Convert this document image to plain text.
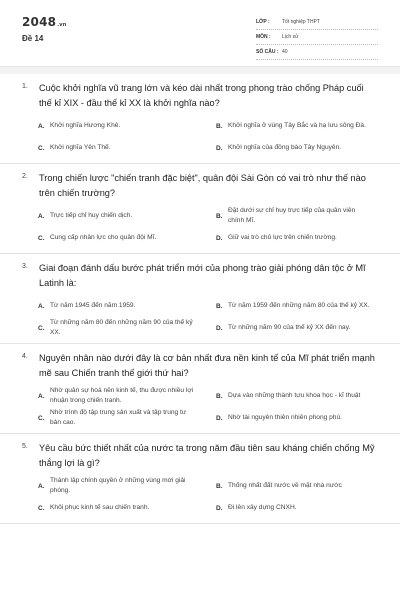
2048.vn
Đề 14
LỚP :	Tốt nghiệp THPT
MÔN :	Lịch sử
SỐ CÂU : 40
1.	Cuộc khởi nghĩa vũ trang lớn và kéo dài nhất trong phong trào chống Pháp cuối thế kỉ XIX - đầu thế kỉ XX là khởi nghĩa nào?
A. Khởi nghĩa Hương Khê.	B. Khởi nghĩa ở vùng Tây Bắc và hạ lưu sông Đà.
C. Khởi nghĩa Yên Thế.	D. Khởi nghĩa của đồng bào Tây Nguyên.
2.	Trong chiến lược "chiến tranh đặc biệt", quân đội Sài Gòn có vai trò như thế nào trên chiến trường?
A. Trực tiếp chỉ huy chiến dịch.	B.
Đặt dưới sự chỉ huy trực tiếp của quân viên chính Mĩ.
C. Cung cấp nhân lực cho quân đội Mĩ.	D. Giữ vai trò chủ lực trên chiến trường.
3.	Giai đoạn đánh dấu bước phát triển mới của phong trào giải phóng dân tộc ở Mĩ Latinh là:
A. Từ năm 1945 đến năm 1959.	B. Từ năm 1959 đến những năm 80 của thế kỷ XX.
C.
Từ những năm 80 đến những năm 90 của thế kỷ XX.
D. Từ những năm 90 của thế kỷ XX đến nay.
4.	Nguyên nhân nào dưới đây là cơ bản nhất đưa nền kinh tế của Mĩ phát triển mạnh mẽ sau Chiến tranh thế giới thứ hai?
A.
Nhờ quân sự hoá nền kinh tế, thu được nhiều lợi nhuận trong chiến tranh.
B. Dựa vào những thành tựu khoa học - kĩ thuật
C.
Nhờ trình độ tập trung sản xuất và tập trung tư bản cao.
D. Nhờ tài nguyên thiên nhiên phong phú.
5.	Yêu cầu bức thiết nhất của nước ta trong năm đầu tiên sau kháng chiến chống Mỹ thắng lợi là gì?
A.
Thành lập chính quyền ở những vùng mới giải phóng.
B. Thống nhất đất nước về mặt nhà nước
C. Khôi phục kinh tế sau chiến tranh.	D. Đi lên xây dựng CNXH.
